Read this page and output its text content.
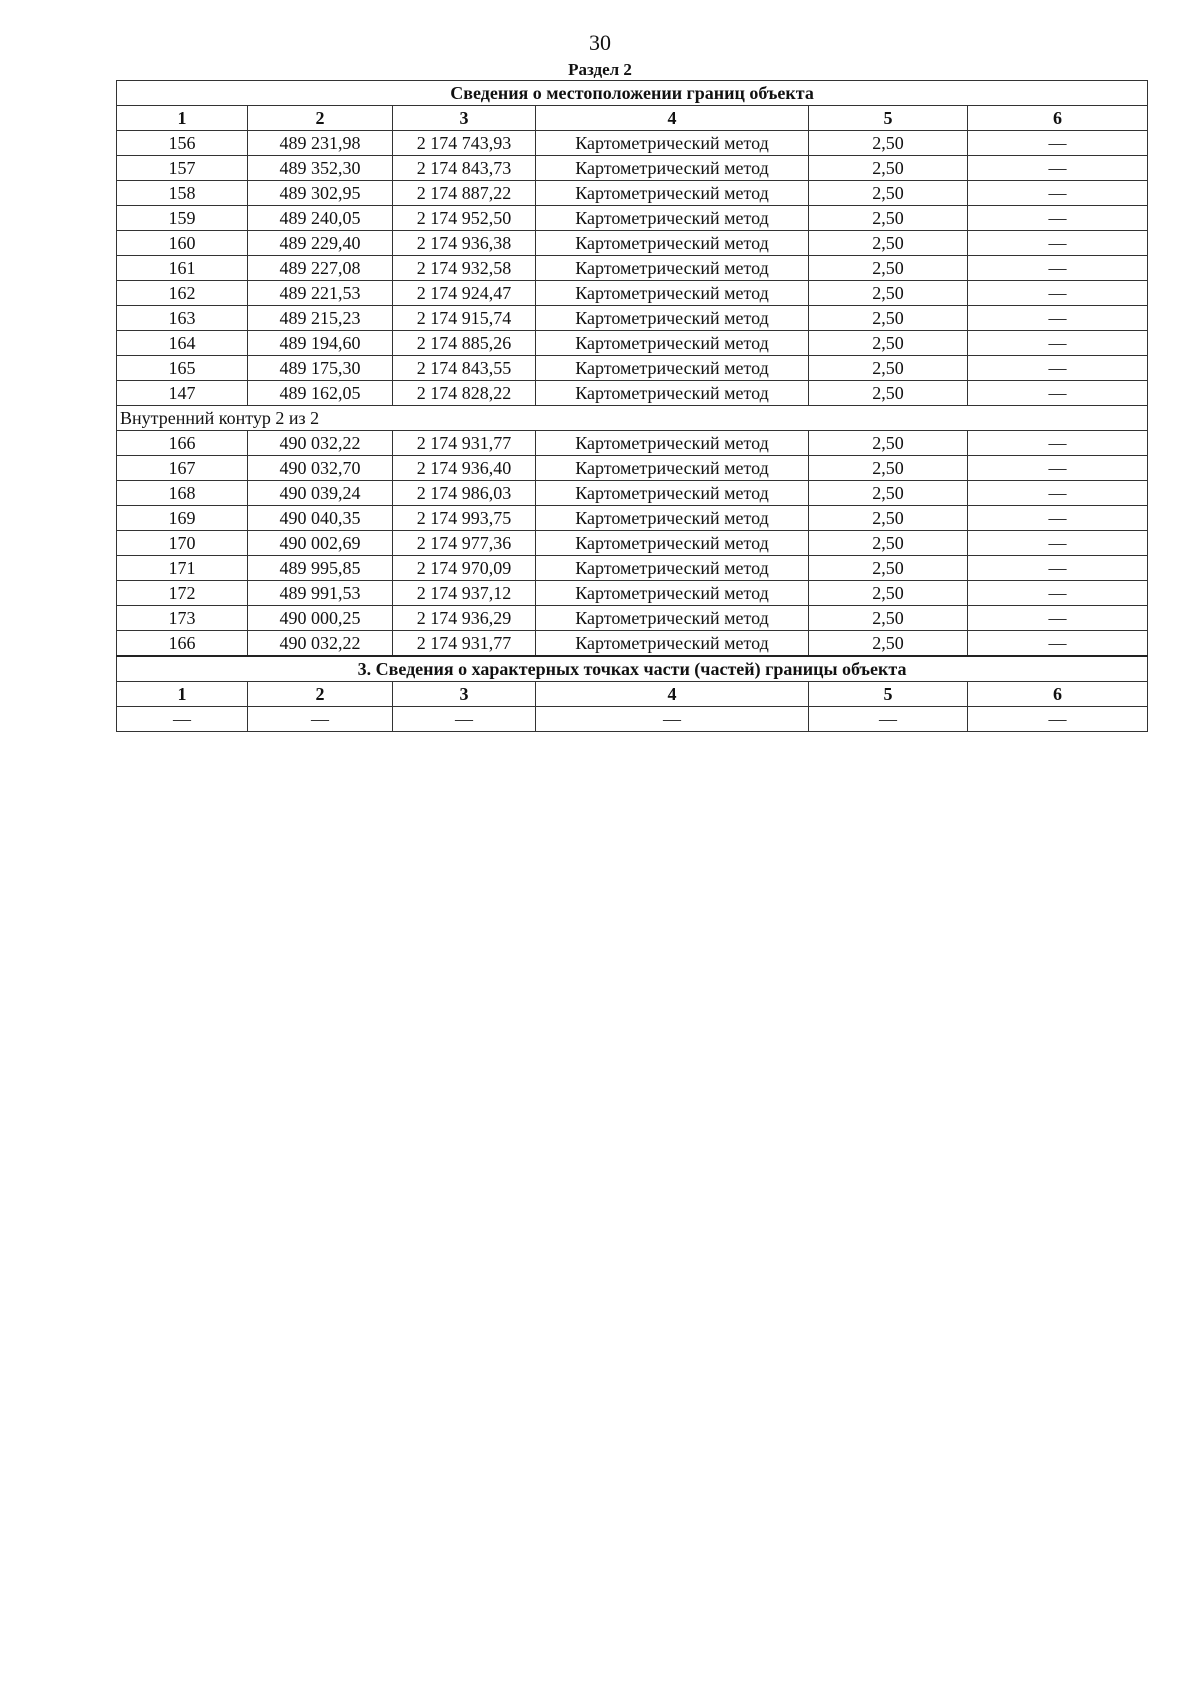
30
Раздел 2
Сведения о местоположении границ объекта					
1	2	3	4	5	6
156	489 231,98	2 174 743,93	Картометрический метод	2,50	—
157	489 352,30	2 174 843,73	Картометрический метод	2,50	—
158	489 302,95	2 174 887,22	Картометрический метод	2,50	—
159	489 240,05	2 174 952,50	Картометрический метод	2,50	—
160	489 229,40	2 174 936,38	Картометрический метод	2,50	—
161	489 227,08	2 174 932,58	Картометрический метод	2,50	—
162	489 221,53	2 174 924,47	Картометрический метод	2,50	—
163	489 215,23	2 174 915,74	Картометрический метод	2,50	—
164	489 194,60	2 174 885,26	Картометрический метод	2,50	—
165	489 175,30	2 174 843,55	Картометрический метод	2,50	—
147	489 162,05	2 174 828,22	Картометрический метод	2,50	—
Внутренний контур 2 из 2					
166	490 032,22	2 174 931,77	Картометрический метод	2,50	—
167	490 032,70	2 174 936,40	Картометрический метод	2,50	—
168	490 039,24	2 174 986,03	Картометрический метод	2,50	—
169	490 040,35	2 174 993,75	Картометрический метод	2,50	—
170	490 002,69	2 174 977,36	Картометрический метод	2,50	—
171	489 995,85	2 174 970,09	Картометрический метод	2,50	—
172	489 991,53	2 174 937,12	Картометрический метод	2,50	—
173	490 000,25	2 174 936,29	Картометрический метод	2,50	—
166	490 032,22	2 174 931,77	Картометрический метод	2,50	—
3. Сведения о характерных точках части (частей) границы объекта					
1	2	3	4	5	6
—	—	—	—	—	—
